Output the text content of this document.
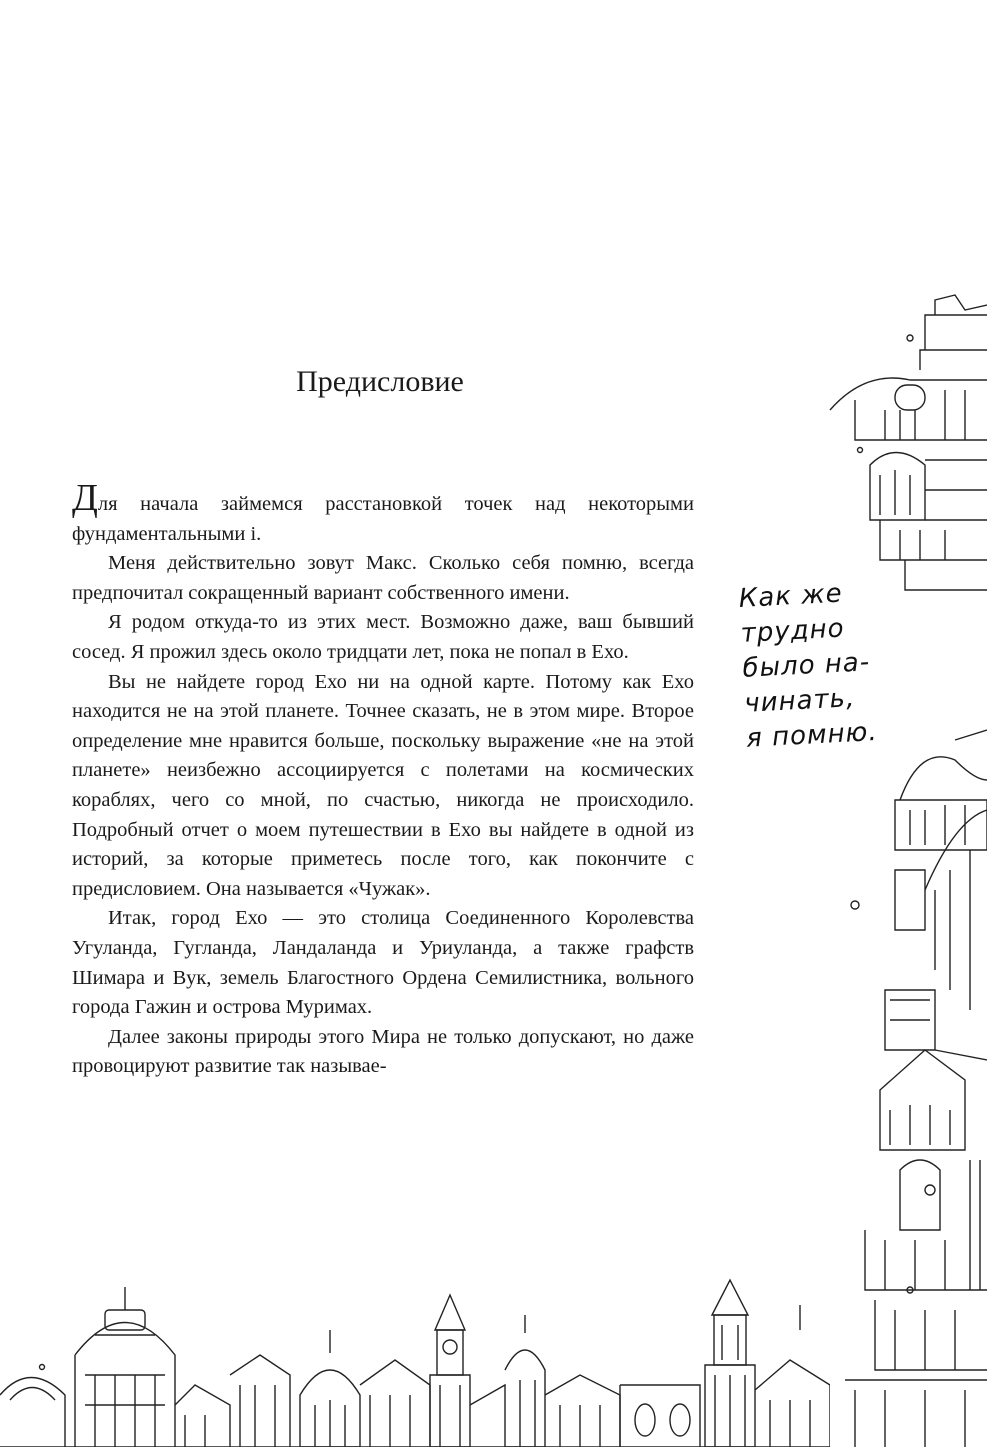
Предисловие

Для начала займемся расстановкой точек над некоторыми фундаментальными i.

Меня действительно зовут Макс. Сколько себя помню, всегда предпочитал сокращенный вариант собственного имени.

Я родом откуда-то из этих мест. Возможно даже, ваш бывший сосед. Я прожил здесь около тридцати лет, пока не попал в Ехо.

Вы не найдете город Ехо ни на одной карте. Потому как Ехо находится не на этой планете. Точнее сказать, не в этом мире. Второе определение мне нравится больше, поскольку выражение «не на этой планете» неизбежно ассоциируется с полетами на космических кораблях, чего со мной, по счастью, никогда не происходило. Подробный отчет о моем путешествии в Ехо вы найдете в одной из историй, за которые приметесь после того, как покончите с предисловием. Она называется «Чужак».

Итак, город Ехо — это столица Соединенного Королевства Угуланда, Гугланда, Ландаланда и Уриуланда, а также графств Шимара и Вук, земель Благостного Ордена Семилистника, вольного города Гажин и острова Муримах.

Далее законы природы этого Мира не только допускают, но даже провоцируют развитие так называе-

Как же
трудно
было на-
чинать,
я помню.
